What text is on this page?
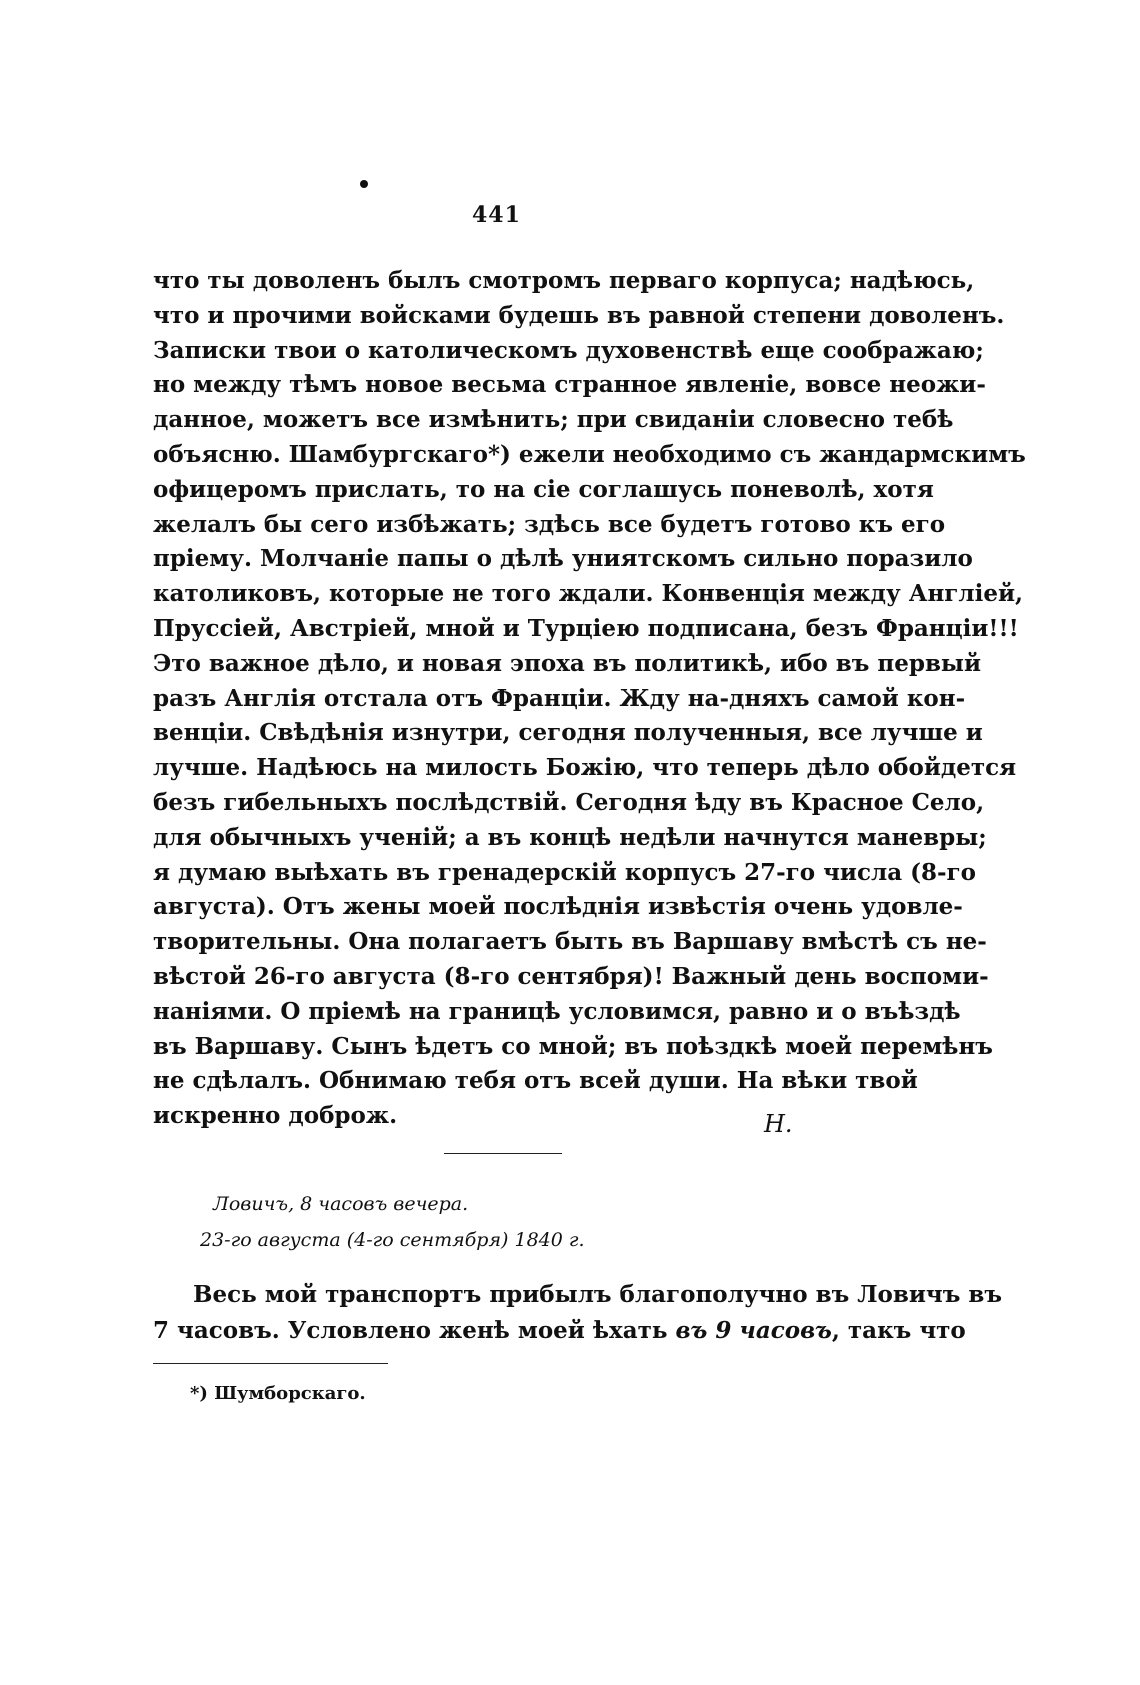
441

что ты доволенъ былъ смотромъ перваго корпуса; надѣюсь,
что и прочими войсками будешь въ равной степени доволенъ.
Записки твои о католическомъ духовенствѣ еще соображаю;
но между тѣмъ новое весьма странное явленіе, вовсе неожи-
данное, можетъ все измѣнить; при свиданіи словесно тебѣ
объясню. Шамбургскаго*) ежели необходимо съ жандармскимъ
офицеромъ прислать, то на сіе соглашусь поневолѣ, хотя
желалъ бы сего избѣжать; здѣсь все будетъ готово къ его
пріему. Молчаніе папы о дѣлѣ униятскомъ сильно поразило
католиковъ, которые не того ждали. Конвенція между Англіей,
Пруссіей, Австріей, мной и Турціею подписана, безъ Франціи!!!
Это важное дѣло, и новая эпоха въ политикѣ, ибо въ первый
разъ Англія отстала отъ Франціи. Жду на-дняхъ самой кон-
венціи. Свѣдѣнія изнутри, сегодня полученныя, все лучше и
лучше. Надѣюсь на милость Божію, что теперь дѣло обойдется
безъ гибельныхъ послѣдствій. Сегодня ѣду въ Красное Село,
для обычныхъ ученій; а въ концѣ недѣли начнутся маневры;
я думаю выѣхать въ гренадерскій корпусъ 27-го числа (8-го
августа). Отъ жены моей послѣднія извѣстія очень удовле-
творительны. Она полагаетъ быть въ Варшаву вмѣстѣ съ не-
вѣстой 26-го августа (8-го сентября)! Важный день воспоми-
наніями. О пріемѣ на границѣ условимся, равно и о въѣздѣ
въ Варшаву. Сынъ ѣдетъ со мной; въ поѣздкѣ моей перемѣнъ
не сдѣлалъ. Обнимаю тебя отъ всей души. На вѣки твой
искренно доброж.	Н.

Ловичъ, 8 часовъ вечера.

23-го августа (4-го сентября) 1840 г.

Весь мой транспортъ прибылъ благополучно въ Ловичъ въ
7 часовъ. Условлено женѣ моей ѣхать въ 9 часовъ, такъ что

*) Шумборскаго.
